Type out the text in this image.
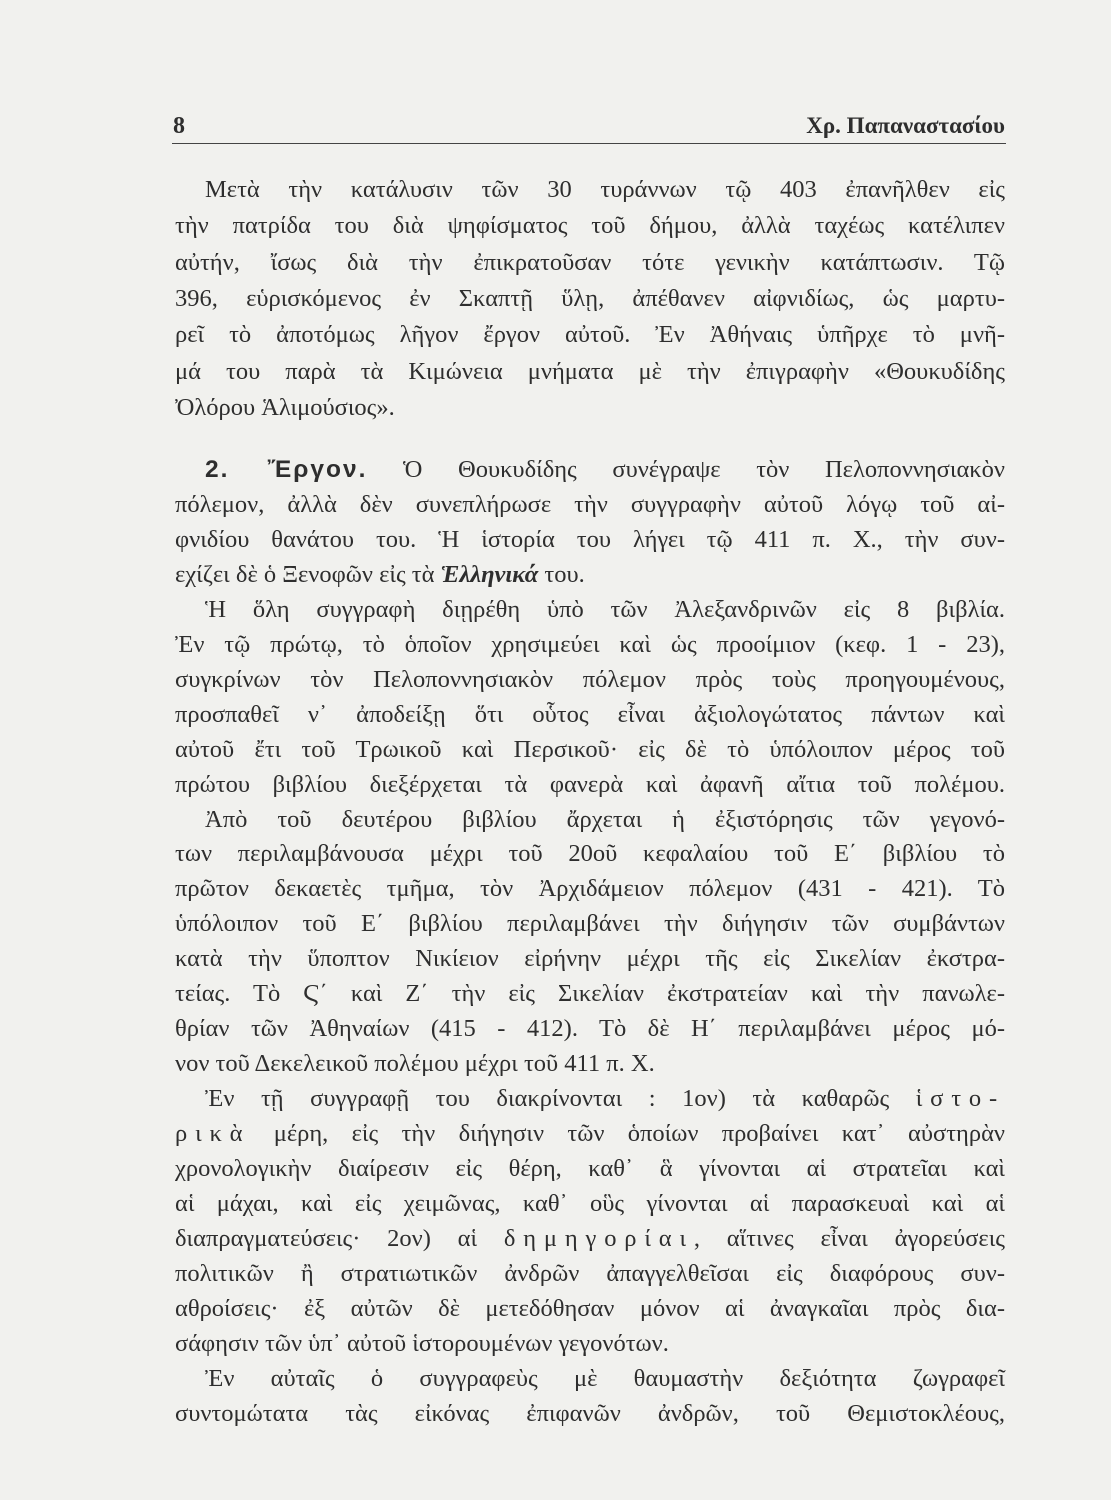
8	Χρ. Παπαναστασίου
Μετὰ τὴν κατάλυσιν τῶν 30 τυράννων τῷ 403 ἐπανῆλθεν εἰς
τὴν πατρίδα του διὰ ψηφίσματος τοῦ δήμου, ἀλλὰ ταχέως κατέλιπεν
αὐτήν, ἴσως διὰ τὴν ἐπικρατοῦσαν τότε γενικὴν κατάπτωσιν. Τῷ
396, εὑρισκόμενος ἐν Σκαπτῇ ὕλῃ, ἀπέθανεν αἰφνιδίως, ὡς μαρτυ-
ρεῖ τὸ ἀποτόμως λῆγον ἔργον αὐτοῦ. Ἐν Ἀθήναις ὑπῆρχε τὸ μνῆ-
μά του παρὰ τὰ Κιμώνεια μνήματα μὲ τὴν ἐπιγραφὴν «Θουκυδίδης
Ὀλόρου Ἁλιμούσιος».
2. Ἔργον. Ὁ Θουκυδίδης συνέγραψε τὸν Πελοποννησιακὸν
πόλεμον, ἀλλὰ δὲν συνεπλήρωσε τὴν συγγραφὴν αὐτοῦ λόγῳ τοῦ αἰ-
φνιδίου θανάτου του. Ἡ ἱστορία του λήγει τῷ 411 π. Χ., τὴν συν-
εχίζει δὲ ὁ Ξενοφῶν εἰς τὰ Ἑλληνικά του.
Ἡ ὅλη συγγραφὴ διῃρέθη ὑπὸ τῶν Ἀλεξανδρινῶν εἰς 8 βιβλία.
Ἐν τῷ πρώτῳ, τὸ ὁποῖον χρησιμεύει καὶ ὡς προοίμιον (κεφ. 1 - 23),
συγκρίνων τὸν Πελοποννησιακὸν πόλεμον πρὸς τοὺς προηγουμένους,
προσπαθεῖ ν᾽ ἀποδείξῃ ὅτι οὗτος εἶναι ἀξιολογώτατος πάντων καὶ
αὐτοῦ ἔτι τοῦ Τρωικοῦ καὶ Περσικοῦ· εἰς δὲ τὸ ὑπόλοιπον μέρος τοῦ
πρώτου βιβλίου διεξέρχεται τὰ φανερὰ καὶ ἀφανῆ αἴτια τοῦ πολέμου.
Ἀπὸ τοῦ δευτέρου βιβλίου ἄρχεται ἡ ἐξιστόρησις τῶν γεγονό-
των περιλαμβάνουσα μέχρι τοῦ 20οῦ κεφαλαίου τοῦ Ε΄ βιβλίου τὸ
πρῶτον δεκαετὲς τμῆμα, τὸν Ἀρχιδάμειον πόλεμον (431 - 421). Τὸ
ὑπόλοιπον τοῦ Ε΄ βιβλίου περιλαμβάνει τὴν διήγησιν τῶν συμβάντων
κατὰ τὴν ὕποπτον Νικίειον εἰρήνην μέχρι τῆς εἰς Σικελίαν ἐκστρα-
τείας. Τὸ Ϛ΄ καὶ Ζ΄ τὴν εἰς Σικελίαν ἐκστρατείαν καὶ τὴν πανωλε-
θρίαν τῶν Ἀθηναίων (415 - 412). Τὸ δὲ Η΄ περιλαμβάνει μέρος μό-
νον τοῦ Δεκελεικοῦ πολέμου μέχρι τοῦ 411 π. Χ.
Ἐν τῇ συγγραφῇ του διακρίνονται : 1ον) τὰ καθαρῶς ἱστο-
ρικὰ μέρη, εἰς τὴν διήγησιν τῶν ὁποίων προβαίνει κατ᾽ αὐστηρὰν
χρονολογικὴν διαίρεσιν εἰς θέρη, καθ᾽ ἃ γίνονται αἱ στρατεῖαι καὶ
αἱ μάχαι, καὶ εἰς χειμῶνας, καθ᾽ οὓς γίνονται αἱ παρασκευαὶ καὶ αἱ
διαπραγματεύσεις· 2ον) αἱ δημηγορίαι, αἵτινες εἶναι ἀγορεύσεις
πολιτικῶν ἢ στρατιωτικῶν ἀνδρῶν ἀπαγγελθεῖσαι εἰς διαφόρους συν-
αθροίσεις· ἐξ αὐτῶν δὲ μετεδόθησαν μόνον αἱ ἀναγκαῖαι πρὸς δια-
σάφησιν τῶν ὑπ᾽ αὐτοῦ ἱστορουμένων γεγονότων.
Ἐν αὐταῖς ὁ συγγραφεὺς μὲ θαυμαστὴν δεξιότητα ζωγραφεῖ
συντομώτατα τὰς εἰκόνας ἐπιφανῶν ἀνδρῶν, τοῦ Θεμιστοκλέους,
